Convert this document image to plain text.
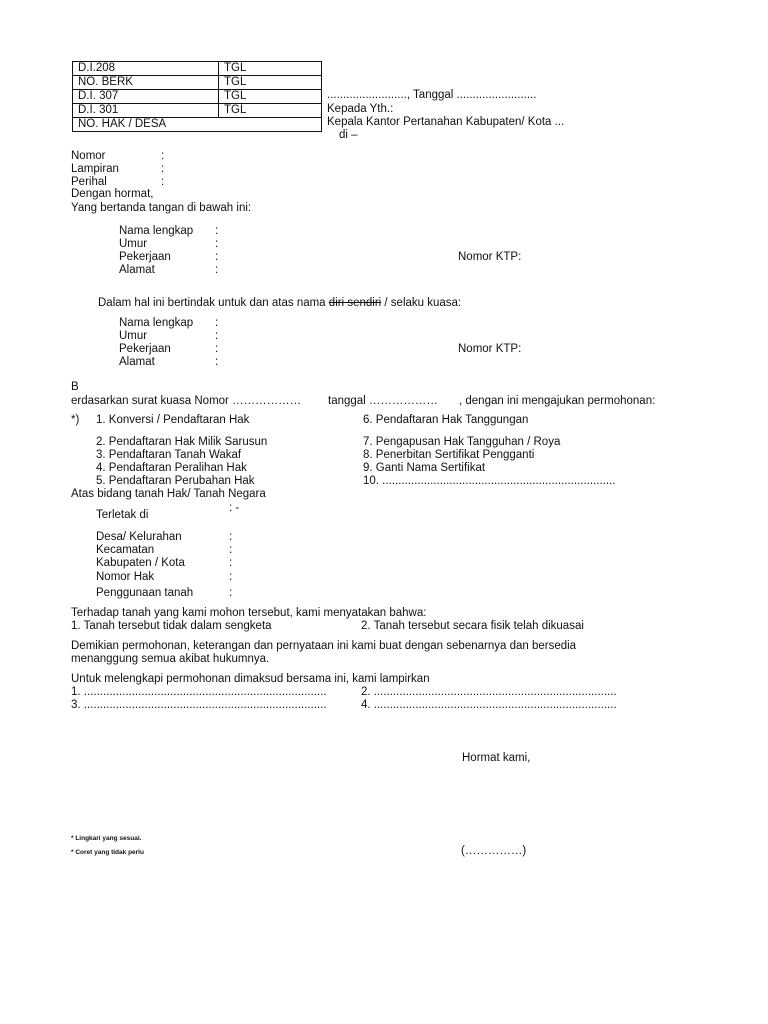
D.I.208	TGL
NO. BERK	TGL
D.I. 307	TGL
D.I. 301	TGL
NO. HAK / DESA	
........................., Tanggal .........................
Kepada Yth.:
Kepala Kantor Pertanahan Kabupaten/ Kota ...
di –
Nomor	:
Lampiran	:
Perihal	:
Dengan hormat,
Yang bertanda tangan di bawah ini:
Nama lengkap :
Umur	:
Pekerjaan	:	Nomor KTP:
Alamat	:
Dalam hal ini bertindak untuk dan atas nama diri sendiri / selaku kuasa:
Nama lengkap :
Umur	:
Pekerjaan	:	Nomor KTP:
Alamat	:
B
erdasarkan surat kuasa Nomor ……………… tanggal ……………… , dengan ini mengajukan permohonan:
*) 1. Konversi / Pendaftaran Hak	6. Pendaftaran Hak Tanggungan
2. Pendaftaran Hak Milik Sarusun	7. Pengapusan Hak Tangguhan / Roya
3. Pendaftaran Tanah Wakaf	8. Penerbitan Sertifikat Pengganti
4. Pendaftaran Peralihan Hak	9. Ganti Nama Sertifikat
5. Pendaftaran Perubahan Hak	10. .........................................................................
Atas bidang tanah Hak/ Tanah Negara
: -
Terletak di
Desa/ Kelurahan	:
Kecamatan	:
Kabupaten / Kota	:
Nomor Hak	:
Penggunaan tanah	:
Terhadap tanah yang kami mohon tersebut, kami menyatakan bahwa:
1. Tanah tersebut tidak dalam sengketa	2. Tanah tersebut secara fisik telah dikuasai
Demikian permohonan, keterangan dan pernyataan ini kami buat dengan sebenarnya dan bersedia
menanggung semua akibat hukumnya.
Untuk melengkapi permohonan dimaksud bersama ini, kami lampirkan
1. ............................................................................	2. ............................................................................
3. ............................................................................	4. ............................................................................
Hormat kami,
(……………)
* Lingkari yang sesuai.
* Coret yang tidak perlu
